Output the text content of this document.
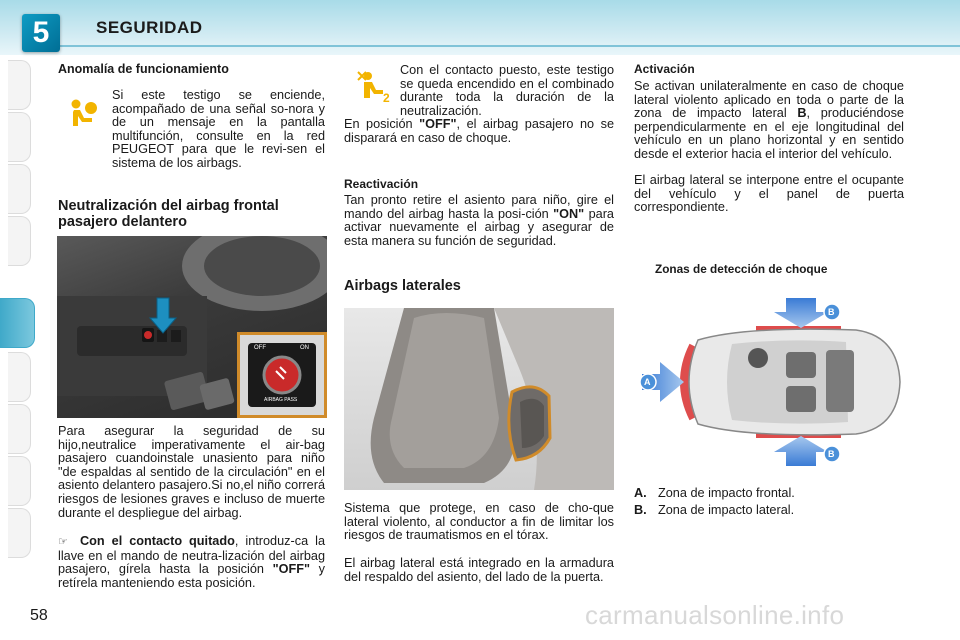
5	SEGURIDAD
Anomalía de funcionamiento
Si este testigo se enciende, acompañado de una señal so-nora y de un mensaje en la pantalla multifunción, consulte en la red PEUGEOT para que le revi-sen el sistema de los airbags.
Neutralización del airbag frontal
pasajero delantero
OFF	ON
AIRBAG PASS
Para asegurar la seguridad de su hijo,neutralice imperativamente el air-bag pasajero cuandoinstale unasiento para niño "de espaldas al sentido de la circulación" en el asiento delantero pasajero.Si no,el niño correrá riesgos de lesiones graves e incluso de muerte durante el despliegue del airbag.
☞ Con el contacto quitado, introduz-ca la llave en el mando de neutra-lización del airbag pasajero, gírela hasta la posición "OFF" y retírela manteniendo esta posición.
2
Con el contacto puesto, este testigo se queda encendido en el combinado durante toda la duración de la neutralización.
En posición "OFF", el airbag pasajero no se disparará en caso de choque.
Reactivación
Tan pronto retire el asiento para niño, gire el mando del airbag hasta la posi-ción "ON" para activar nuevamente el airbag y asegurar de esta manera su función de seguridad.
Airbags laterales
Sistema que protege, en caso de cho-que lateral violento, al conductor a fin de limitar los riesgos de traumatismos en el tórax.
El airbag lateral está integrado en la armadura del respaldo del asiento, del lado de la puerta.
Activación
Se activan unilateralmente en caso de choque lateral violento aplicado en toda o parte de la zona de impacto lateral B, produciéndose perpendicularmente en el eje longitudinal del vehículo en un plano horizontal y en sentido desde el exterior hacia el interior del vehículo.
El airbag lateral se interpone entre el ocupante del vehículo y el panel de puerta correspondiente.
Zonas de detección de choque
A
B
B
A. Zona de impacto frontal.
B. Zona de impacto lateral.
58	carmanualsonline.info
